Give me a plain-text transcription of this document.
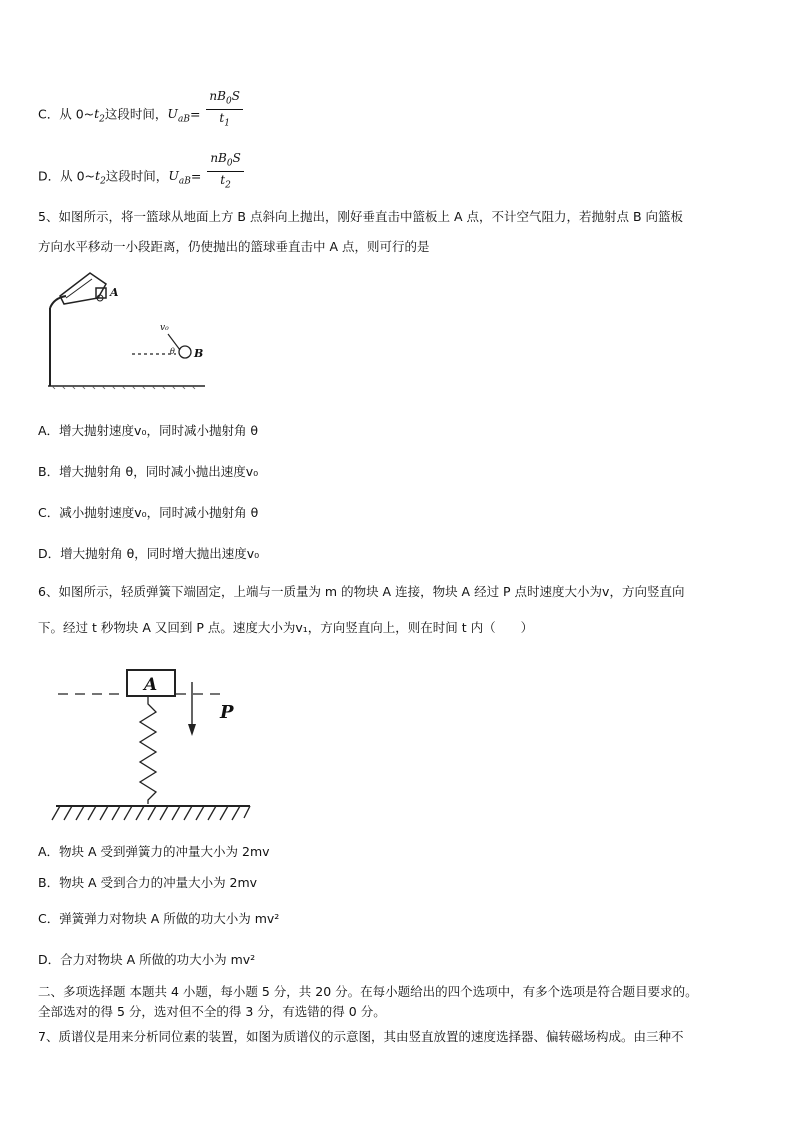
C．从 $0\sim t_2$这段时间，$U_{aB}= \frac{nB_0S}{t_1}$
D．从 $0\sim t_2$这段时间，$U_{aB}= \frac{nB_0S}{t_2}$
5、如图所示，将一篮球从地面上方 B 点斜向上抛出，刚好垂直击中篮板上 A 点，不计空气阻力，若抛射点 B 向篮板
方向水平移动一小段距离，仍使抛出的篮球垂直击中 A 点，则可行的是
A
v₀
θ B
A．增大抛射速度v₀，同时减小抛射角 θ
B．增大抛射角 θ，同时减小抛出速度v₀
C．减小抛射速度v₀，同时减小抛射角 θ
D．增大抛射角 θ，同时增大抛出速度v₀
6、如图所示，轻质弹簧下端固定，上端与一质量为 m 的物块 A 连接，物块 A 经过 P 点时速度大小为v，方向竖直向
下。经过 t 秒物块 A 又回到 P 点。速度大小为v₁，方向竖直向上，则在时间 t 内（　　）
A
P
A．物块 A 受到弹簧力的冲量大小为 2mv
B．物块 A 受到合力的冲量大小为 2mv
C．弹簧弹力对物块 A 所做的功大小为 mv²
D．合力对物块 A 所做的功大小为 mv²
二、多项选择题 本题共 4 小题，每小题 5 分，共 20 分。在每小题给出的四个选项中，有多个选项是符合题目要求的。
全部选对的得 5 分，选对但不全的得 3 分，有选错的得 0 分。
7、质谱仪是用来分析同位素的装置，如图为质谱仪的示意图，其由竖直放置的速度选择器、偏转磁场构成。由三种不
